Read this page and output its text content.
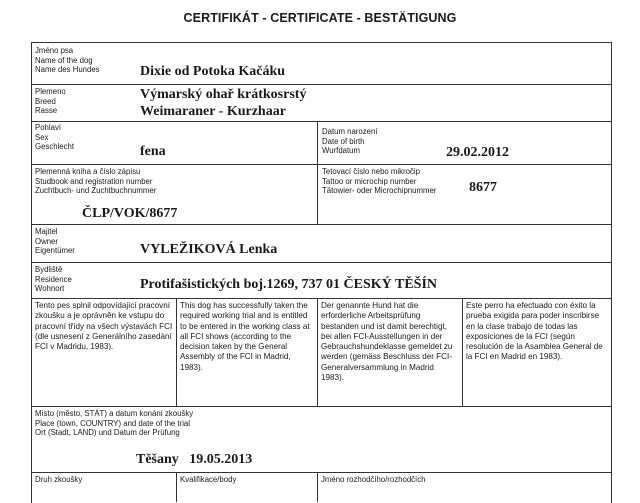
CERTIFIKÁT - CERTIFICATE - BESTÄTIGUNG
Jméno psa
Name of the dog
Name des Hundes	Dixie od Potoka Kačáku
Plemeno
Breed
Rasse
Výmarský ohař krátkosrstý
Weimaraner - Kurzhaar
Pohlaví
Sex
Geschlecht	fena
Datum narození
Date of birth
Wurfdatum	29.02.2012
Plemenná kniha a číslo zápisu
Studbook and registration number
Zuchtbuch- und Zuchtbuchnummer
ČLP/VOK/8677
Tetovací číslo nebo mikročip
Tattoo or microchip number
Tätowier- oder Microchipnummer 8677
Majitel
Owner
Eigentümer	VYLEŽIKOVÁ Lenka
Bydliště
Residence
Wohnort	Protifašistických boj.1269, 737 01 ČESKÝ TĚŠÍN
Tento pes splnil odpovídající pracovní zkoušku a je oprávněn ke vstupu do pracovní třídy na všech výstavách FCI (dle usnesení z Generálního zasedání FCI v Madridu, 1983).
This dog has successfully taken the required working trial and is entitled to be entered in the working class at all FCI shows (according to the decision taken by the General Assembly of the FCI in Madrid, 1983).
Der genannte Hund hat die erforderliche Arbeitsprüfung bestanden und ist damit berechtigt, bei allen FCI-Ausstellungen in der Gebrauchshundeklasse gemeldet zu werden (gemäss Beschluss der FCI-Generalversammlung in Madrid 1983).
Este perro ha efectuado con éxito la prueba exigida para poder inscribirse en la clase trabajo de todas las exposiciones de la FCI (según resolución de la Asamblea General de la FCI en Madrid en 1983).
Místo (město, STÁT) a datum konání zkoušky
Place (town, COUNTRY) and date of the trial
Ort (Stadt, LAND) und Datum der Prüfung
Těšany   19.05.2013
Druh zkoušky	Kvalifikace/body	Jméno rozhodčího/rozhodčích
